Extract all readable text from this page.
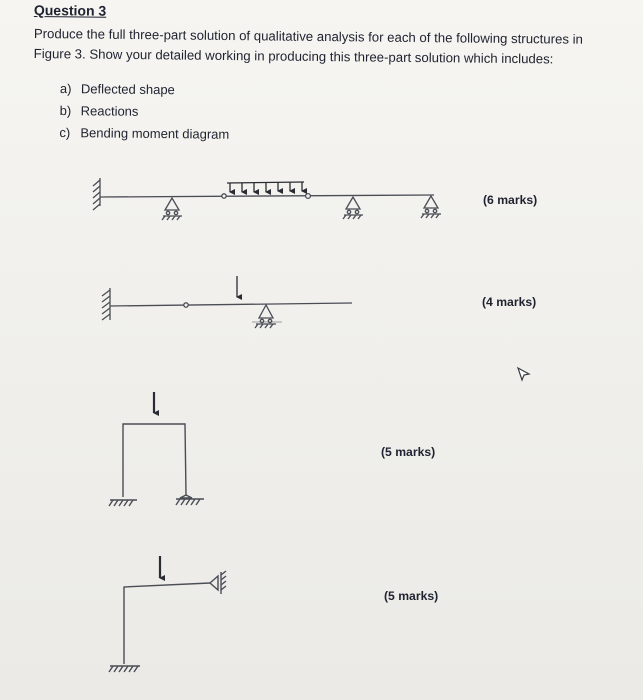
Question 3
Produce the full three-part solution of qualitative analysis for each of the following structures in Figure 3. Show your detailed working in producing this three-part solution which includes:
a) Deflected shape
b) Reactions
c) Bending moment diagram
(6 marks)
(4 marks)
(5 marks)
(5 marks)
